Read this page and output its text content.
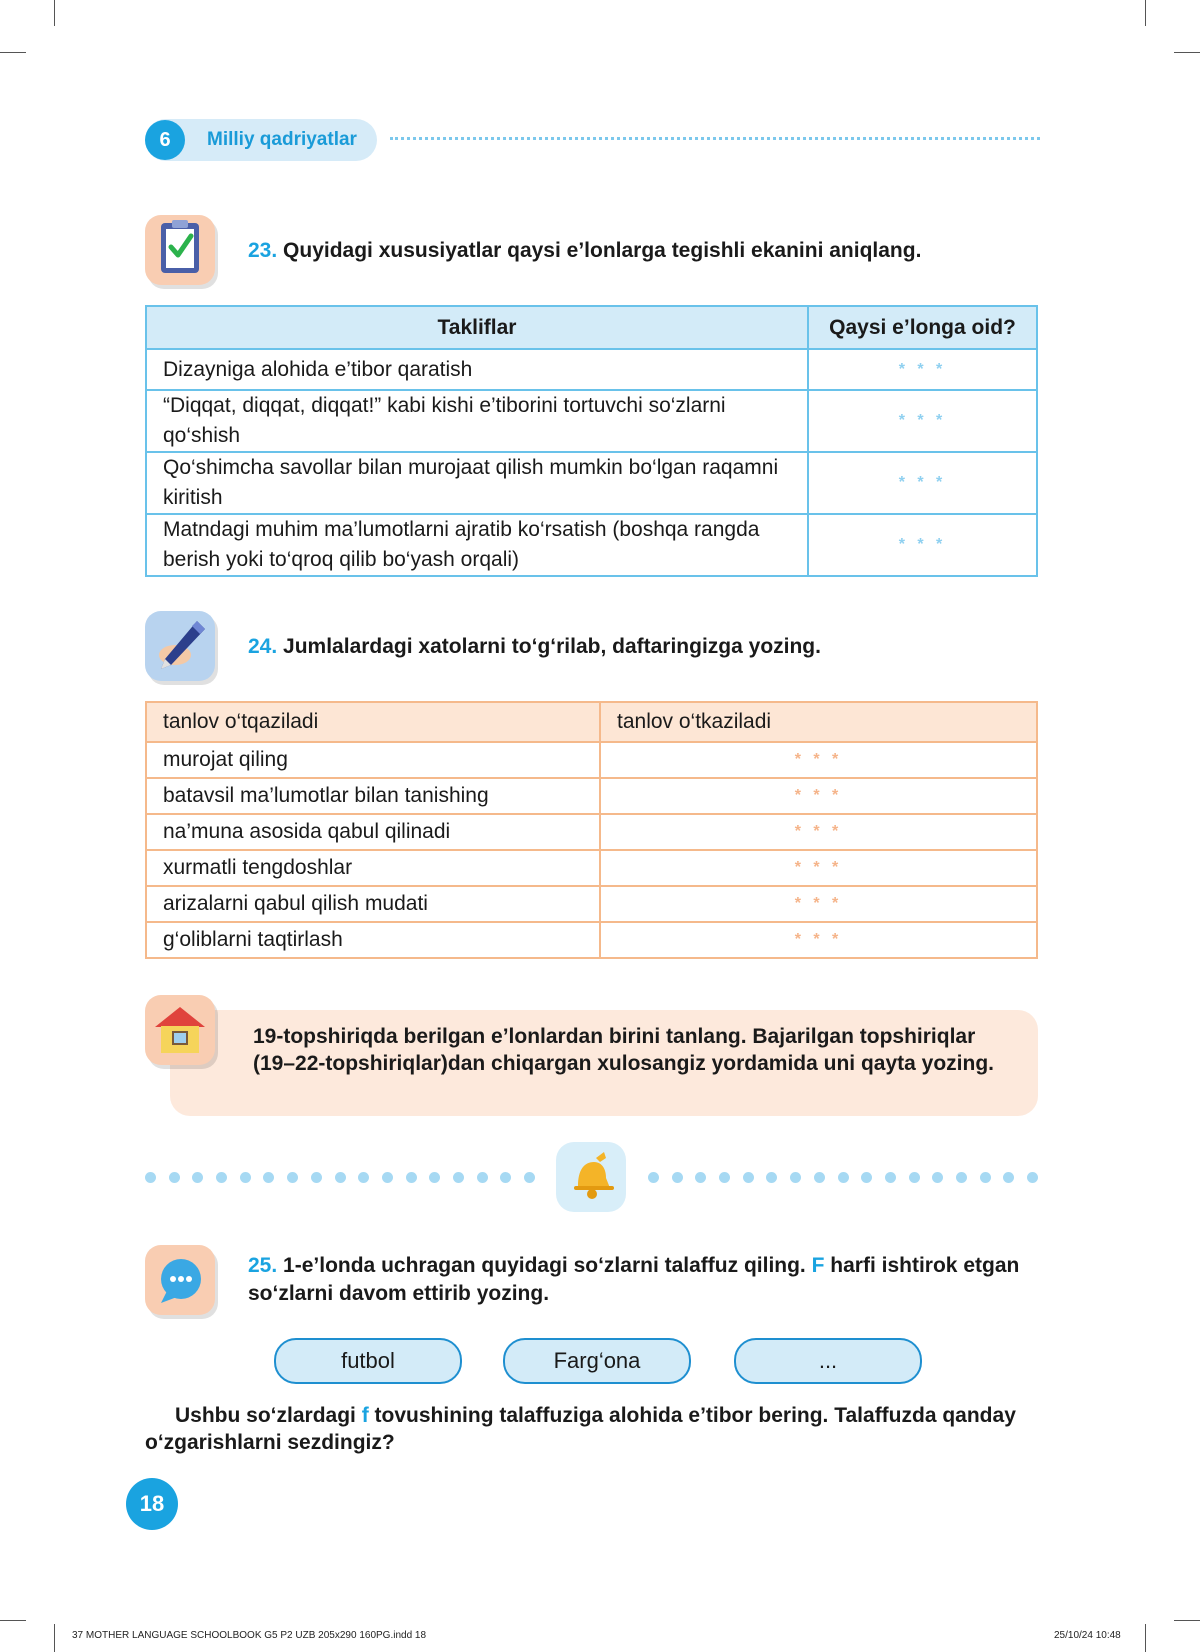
6	Milliy qadriyatlar
23. Quyidagi xususiyatlar qaysi e’lonlarga tegishli ekanini aniqlang.
Takliflar	Qaysi e’longa oid?
Dizayniga alohida e’tibor qaratish	* * *
“Diqqat, diqqat, diqqat!” kabi kishi e’tiborini tortuvchi so‘zlarni qo‘shish	* * *
Qo‘shimcha savollar bilan murojaat qilish mumkin bo‘lgan raqamni kiritish	* * *
Matndagi muhim ma’lumotlarni ajratib ko‘rsatish (boshqa rangda berish yoki to‘qroq qilib bo‘yash orqali)	* * *
24. Jumlalardagi xatolarni to‘g‘rilab, daftaringizga yozing.
tanlov o‘tqaziladi	tanlov o‘tkaziladi
murojat qiling	* * *
batavsil ma’lumotlar bilan tanishing	* * *
na’muna asosida qabul qilinadi	* * *
xurmatli tengdoshlar	* * *
arizalarni qabul qilish mudati	* * *
g‘oliblarni taqtirlash	* * *
19-topshiriqda berilgan e’lonlardan birini tanlang. Bajarilgan topshiriqlar (19–22-topshiriqlar)dan chiqargan xulosangiz yordamida uni qayta yozing.
25. 1-e’londa uchragan quyidagi so‘zlarni talaffuz qiling. F harfi ishtirok etgan so‘zlarni davom ettirib yozing.
futbol	Farg‘ona	...
Ushbu so‘zlardagi f tovushining talaffuziga alohida e’tibor bering. Talaffuzda qanday o‘zgarishlarni sezdingiz?
18
37 MOTHER LANGUAGE SCHOOLBOOK G5 P2 UZB 205x290 160PG.indd 18	25/10/24 10:48
